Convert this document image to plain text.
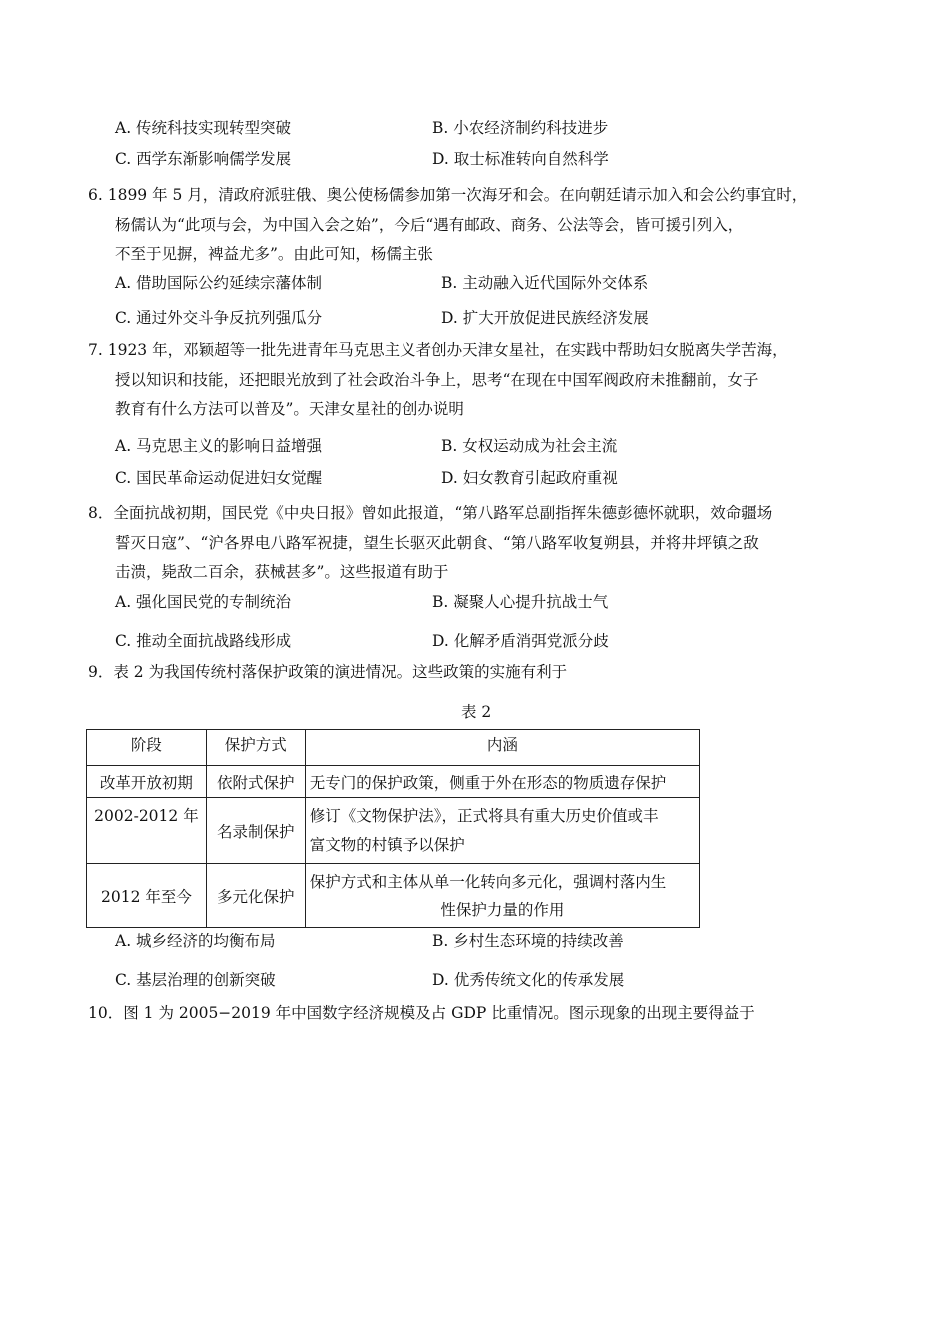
A. 传统科技实现转型突破	B. 小农经济制约科技进步
C. 西学东渐影响儒学发展	D. 取士标准转向自然科学
6. 1899 年 5 月，清政府派驻俄、奥公使杨儒参加第一次海牙和会。在向朝廷请示加入和会公约事宜时，
杨儒认为“此项与会，为中国入会之始”，今后“遇有邮政、商务、公法等会，皆可援引列入，
不至于见摒，裨益尤多”。由此可知，杨儒主张
A. 借助国际公约延续宗藩体制	B. 主动融入近代国际外交体系
C. 通过外交斗争反抗列强瓜分	D. 扩大开放促进民族经济发展
7. 1923 年，邓颖超等一批先进青年马克思主义者创办天津女星社，在实践中帮助妇女脱离失学苦海，
授以知识和技能，还把眼光放到了社会政治斗争上，思考“在现在中国军阀政府未推翻前，女子
教育有什么方法可以普及”。天津女星社的创办说明
A. 马克思主义的影响日益增强	B. 女权运动成为社会主流
C. 国民革命运动促进妇女觉醒	D. 妇女教育引起政府重视
8．全面抗战初期，国民党《中央日报》曾如此报道，“第八路军总副指挥朱德彭德怀就职，效命疆场
誓灭日寇”、“沪各界电八路军祝捷，望生长驱灭此朝食、“第八路军收复朔县，并将井坪镇之敌
击溃，毙敌二百余，获械甚多”。这些报道有助于
A. 强化国民党的专制统治	B. 凝聚人心提升抗战士气
C. 推动全面抗战路线形成	D. 化解矛盾消弭党派分歧
9．表 2 为我国传统村落保护政策的演进情况。这些政策的实施有利于
表 2
阶段	保护方式	内涵
改革开放初期	依附式保护	无专门的保护政策，侧重于外在形态的物质遗存保护
2002-2012 年	名录制保护	修订《文物保护法》，正式将具有重大历史价值或丰
富文物的村镇予以保护

2012 年至今	多元化保护	保护方式和主体从单一化转向多元化，强调村落内生
性保护力量的作用
A. 城乡经济的均衡布局	B. 乡村生态环境的持续改善
C. 基层治理的创新突破	D. 优秀传统文化的传承发展
10．图 1 为 2005−2019 年中国数字经济规模及占 GDP 比重情况。图示现象的出现主要得益于
